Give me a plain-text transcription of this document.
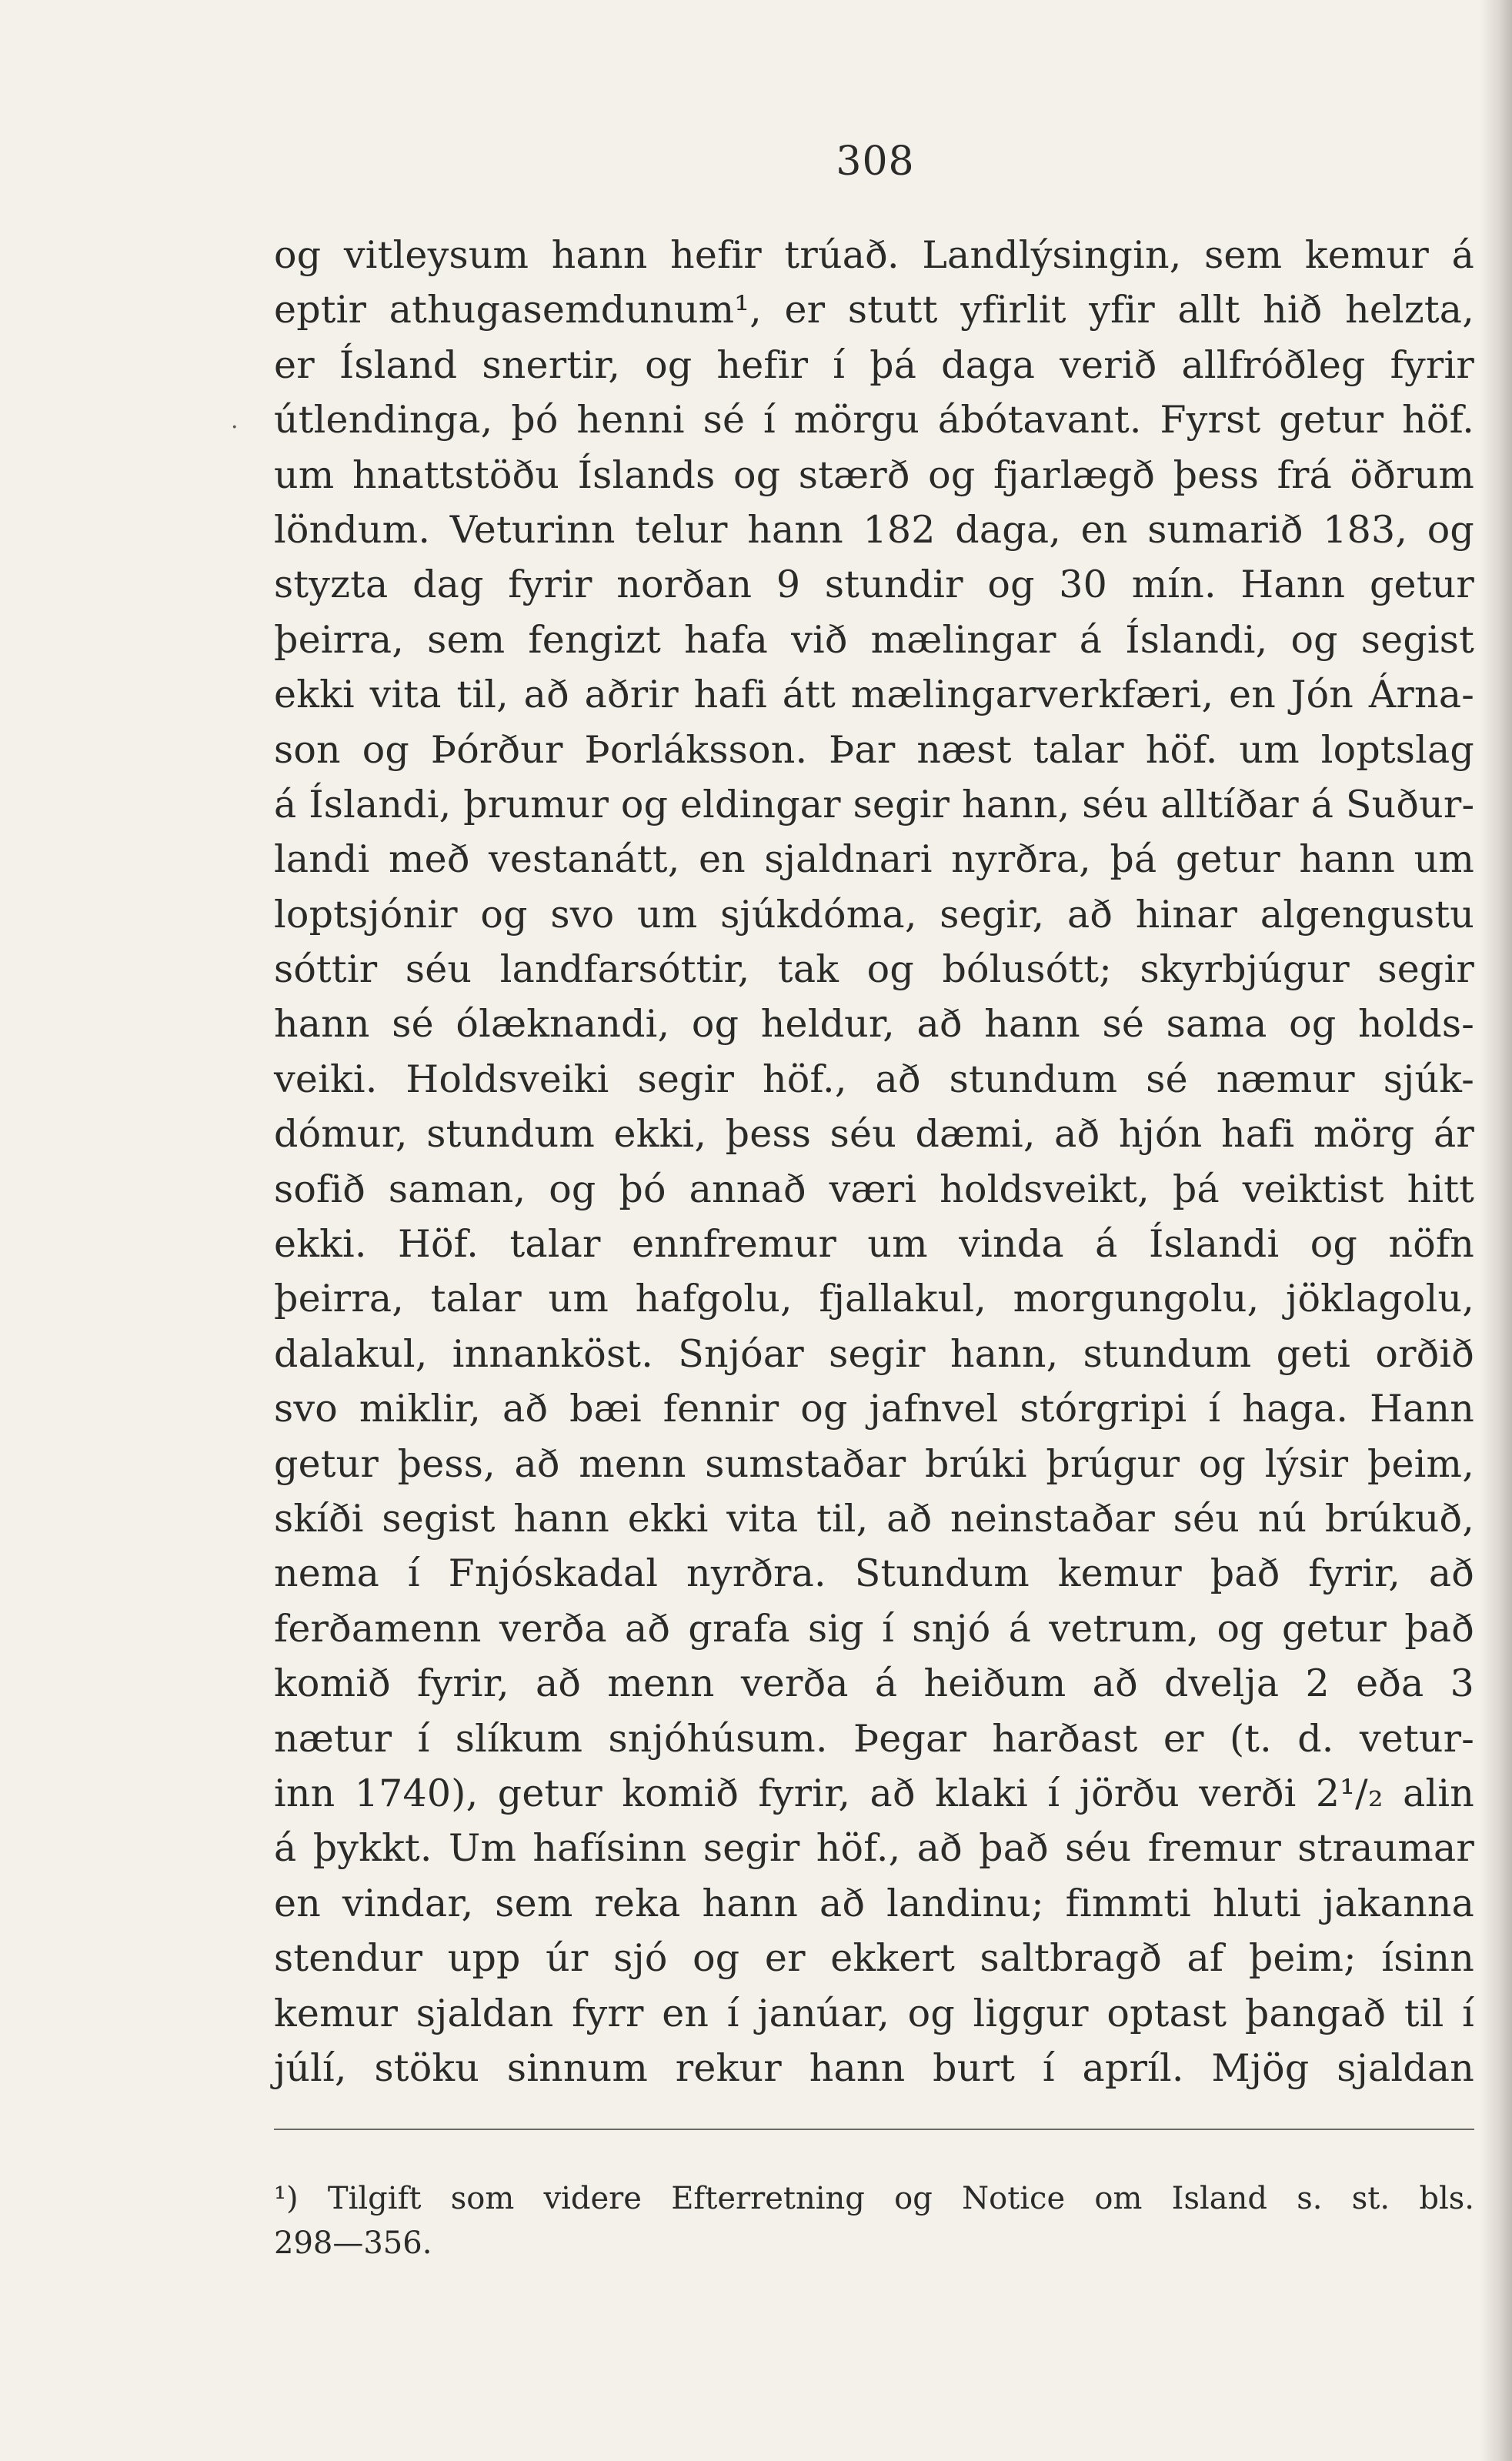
308
·
og vitleysum hann hefir trúað. Landlýsingin, sem kemur á
eptir athugasemdunum¹, er stutt yfirlit yfir allt hið helzta,
er Ísland snertir, og hefir í þá daga verið allfróðleg fyrir
útlendinga, þó henni sé í mörgu ábótavant. Fyrst getur höf.
um hnattstöðu Íslands og stærð og fjarlægð þess frá öðrum
löndum. Veturinn telur hann 182 daga, en sumarið 183, og
styzta dag fyrir norðan 9 stundir og 30 mín. Hann getur
þeirra, sem fengizt hafa við mælingar á Íslandi, og segist
ekki vita til, að aðrir hafi átt mælingarverkfæri, en Jón Árna-
son og Þórður Þorláksson. Þar næst talar höf. um loptslag
á Íslandi, þrumur og eldingar segir hann, séu alltíðar á Suður-
landi með vestanátt, en sjaldnari nyrðra, þá getur hann um
loptsjónir og svo um sjúkdóma, segir, að hinar algengustu
sóttir séu landfarsóttir, tak og bólusótt; skyrbjúgur segir
hann sé ólæknandi, og heldur, að hann sé sama og holds-
veiki. Holdsveiki segir höf., að stundum sé næmur sjúk-
dómur, stundum ekki, þess séu dæmi, að hjón hafi mörg ár
sofið saman, og þó annað væri holdsveikt, þá veiktist hitt
ekki. Höf. talar ennfremur um vinda á Íslandi og nöfn
þeirra, talar um hafgolu, fjallakul, morgungolu, jöklagolu,
dalakul, innanköst. Snjóar segir hann, stundum geti orðið
svo miklir, að bæi fennir og jafnvel stórgripi í haga. Hann
getur þess, að menn sumstaðar brúki þrúgur og lýsir þeim,
skíði segist hann ekki vita til, að neinstaðar séu nú brúkuð,
nema í Fnjóskadal nyrðra. Stundum kemur það fyrir, að
ferðamenn verða að grafa sig í snjó á vetrum, og getur það
komið fyrir, að menn verða á heiðum að dvelja 2 eða 3
nætur í slíkum snjóhúsum. Þegar harðast er (t. d. vetur-
inn 1740), getur komið fyrir, að klaki í jörðu verði 2¹/₂ alin
á þykkt. Um hafísinn segir höf., að það séu fremur straumar
en vindar, sem reka hann að landinu; fimmti hluti jakanna
stendur upp úr sjó og er ekkert saltbragð af þeim; ísinn
kemur sjaldan fyrr en í janúar, og liggur optast þangað til í
júlí, stöku sinnum rekur hann burt í apríl. Mjög sjaldan
¹) Tilgift som videre Efterretning og Notice om Island s. st. bls.
298—356.
